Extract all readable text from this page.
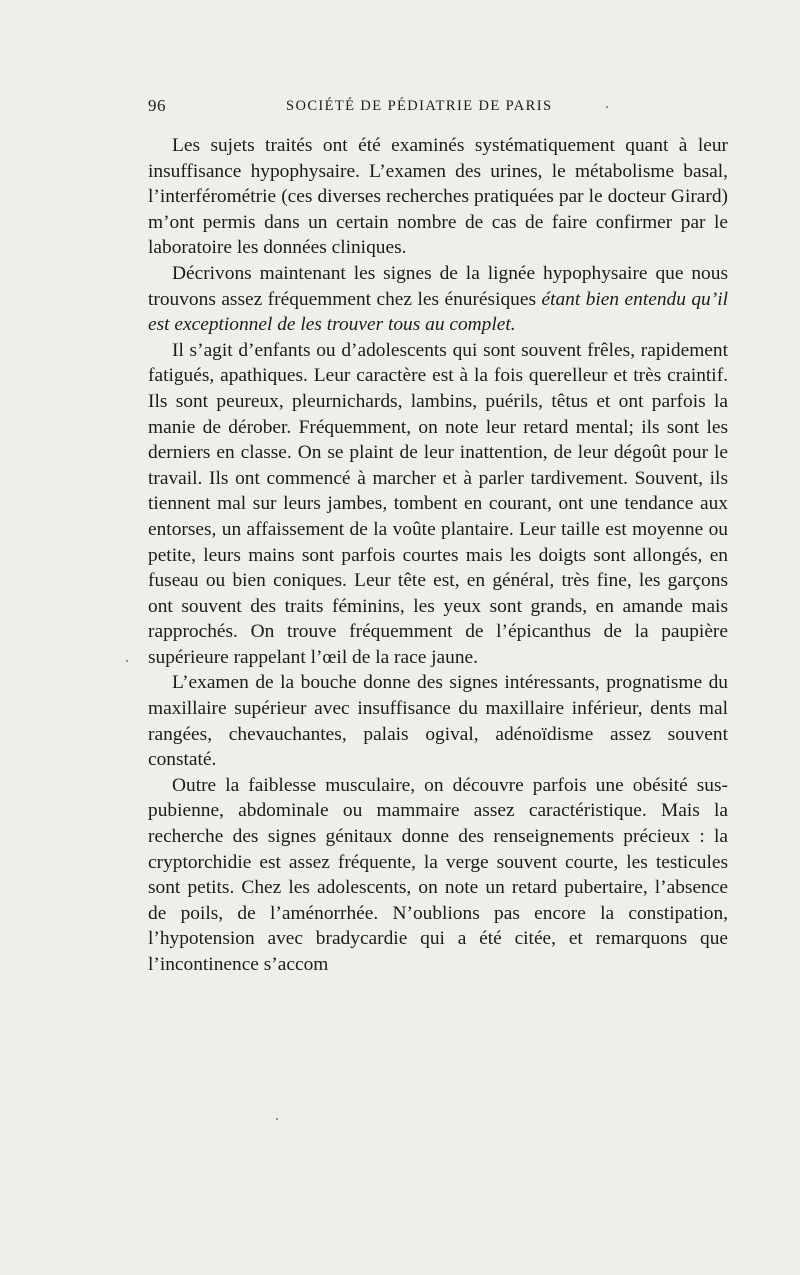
96	SOCIÉTÉ DE PÉDIATRIE DE PARIS

Les sujets traités ont été examinés systématiquement quant à leur insuffisance hypophysaire. L’examen des urines, le métabolisme basal, l’interférométrie (ces diverses recherches pratiquées par le docteur Girard) m’ont permis dans un certain nombre de cas de faire confirmer par le laboratoire les données cliniques.

Décrivons maintenant les signes de la lignée hypophysaire que nous trouvons assez fréquemment chez les énurésiques étant bien entendu qu’il est exceptionnel de les trouver tous au complet.

Il s’agit d’enfants ou d’adolescents qui sont souvent frêles, rapidement fatigués, apathiques. Leur caractère est à la fois querelleur et très craintif. Ils sont peureux, pleurnichards, lambins, puérils, têtus et ont parfois la manie de dérober. Fréquemment, on note leur retard mental; ils sont les derniers en classe. On se plaint de leur inattention, de leur dégoût pour le travail. Ils ont commencé à marcher et à parler tardivement. Souvent, ils tiennent mal sur leurs jambes, tombent en courant, ont une tendance aux entorses, un affaissement de la voûte plantaire. Leur taille est moyenne ou petite, leurs mains sont parfois courtes mais les doigts sont allongés, en fuseau ou bien coniques. Leur tête est, en général, très fine, les garçons ont souvent des traits féminins, les yeux sont grands, en amande mais rapprochés. On trouve fréquemment de l’épicanthus de la paupière supérieure rappelant l’œil de la race jaune.

L’examen de la bouche donne des signes intéressants, prognatisme du maxillaire supérieur avec insuffisance du maxillaire inférieur, dents mal rangées, chevauchantes, palais ogival, adénoïdisme assez souvent constaté.

Outre la faiblesse musculaire, on découvre parfois une obésité sus-pubienne, abdominale ou mammaire assez caractéristique. Mais la recherche des signes génitaux donne des renseignements précieux : la cryptorchidie est assez fréquente, la verge souvent courte, les testicules sont petits. Chez les adolescents, on note un retard pubertaire, l’absence de poils, de l’aménorrhée. N’oublions pas encore la constipation, l’hypotension avec bradycardie qui a été citée, et remarquons que l’incontinence s’accom
